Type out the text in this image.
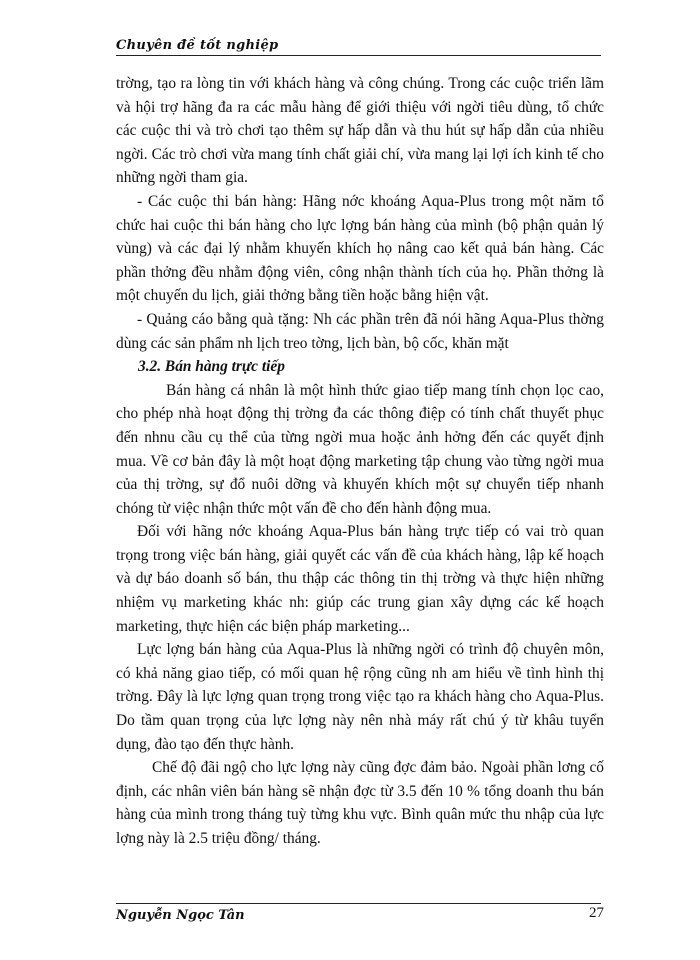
Chuyên đề tốt nghiệp

trờng, tạo ra lòng tin với khách hàng và công chúng. Trong các cuộc triển lãm và hội trợ hãng đa ra các mẫu hàng để giới thiệu với ngời tiêu dùng, tổ chức các cuộc thi và trò chơi tạo thêm sự hấp dẫn và thu hút sự hấp dẫn của nhiều ngời. Các trò chơi vừa mang tính chất giải chí, vừa mang lại lợi ích kinh tế cho những ngời tham gia.

- Các cuộc thi bán hàng: Hãng nớc khoáng Aqua-Plus trong một năm tổ chức hai cuộc thi bán hàng cho lực lợng bán hàng của mình (bộ phận quản lý vùng) và các đại lý nhằm khuyến khích họ nâng cao kết quả bán hàng. Các phần thởng đều nhằm động viên, công nhận thành tích của họ. Phần thởng là một chuyến du lịch, giải thởng bằng tiền hoặc bằng hiện vật.

- Quảng cáo bằng quà tặng: Nh các phần trên đã nói hãng Aqua-Plus thờng dùng các sản phẩm nh lịch treo tờng, lịch bàn, bộ cốc, khăn mặt

3.2. Bán hàng trực tiếp

Bán hàng cá nhân là một hình thức giao tiếp mang tính chọn lọc cao, cho phép nhà hoạt động thị trờng đa các thông điệp có tính chất thuyết phục đến nhnu cầu cụ thể của từng ngời mua hoặc ảnh hởng đến các quyết định mua. Về cơ bản đây là một hoạt động marketing tập chung vào từng ngời mua của thị trờng, sự đổ nuôi dỡng và khuyến khích một sự chuyển tiếp nhanh chóng từ việc nhận thức một vấn đề cho đến hành động mua.

Đối với hãng nớc khoáng Aqua-Plus bán hàng trực tiếp có vai trò quan trọng trong việc bán hàng, giải quyết các vấn đề của khách hàng, lập kế hoạch và dự báo doanh số bán, thu thập các thông tin thị trờng và thực hiện những nhiệm vụ marketing khác nh: giúp các trung gian xây dựng các kế hoạch marketing, thực hiện các biện pháp marketing...

Lực lợng bán hàng của Aqua-Plus là những ngời có trình độ chuyên môn, có khả năng giao tiếp, có mối quan hệ rộng cũng nh am hiểu về tình hình thị trờng. Đây là lực lợng quan trọng trong việc tạo ra khách hàng cho Aqua-Plus. Do tầm quan trọng của lực lợng này nên nhà máy rất chú ý từ khâu tuyển dụng, đào tạo đến thực hành.

Chế độ đãi ngộ cho lực lợng này cũng đợc đảm bảo. Ngoài phần lơng cố định, các nhân viên bán hàng sẽ nhận đợc từ 3.5 đến 10 % tổng doanh thu bán hàng của mình trong tháng tuỳ từng khu vực. Bình quân mức thu nhập của lực lợng này là 2.5 triệu đồng/ tháng.

Nguyễn Ngọc Tân	27
